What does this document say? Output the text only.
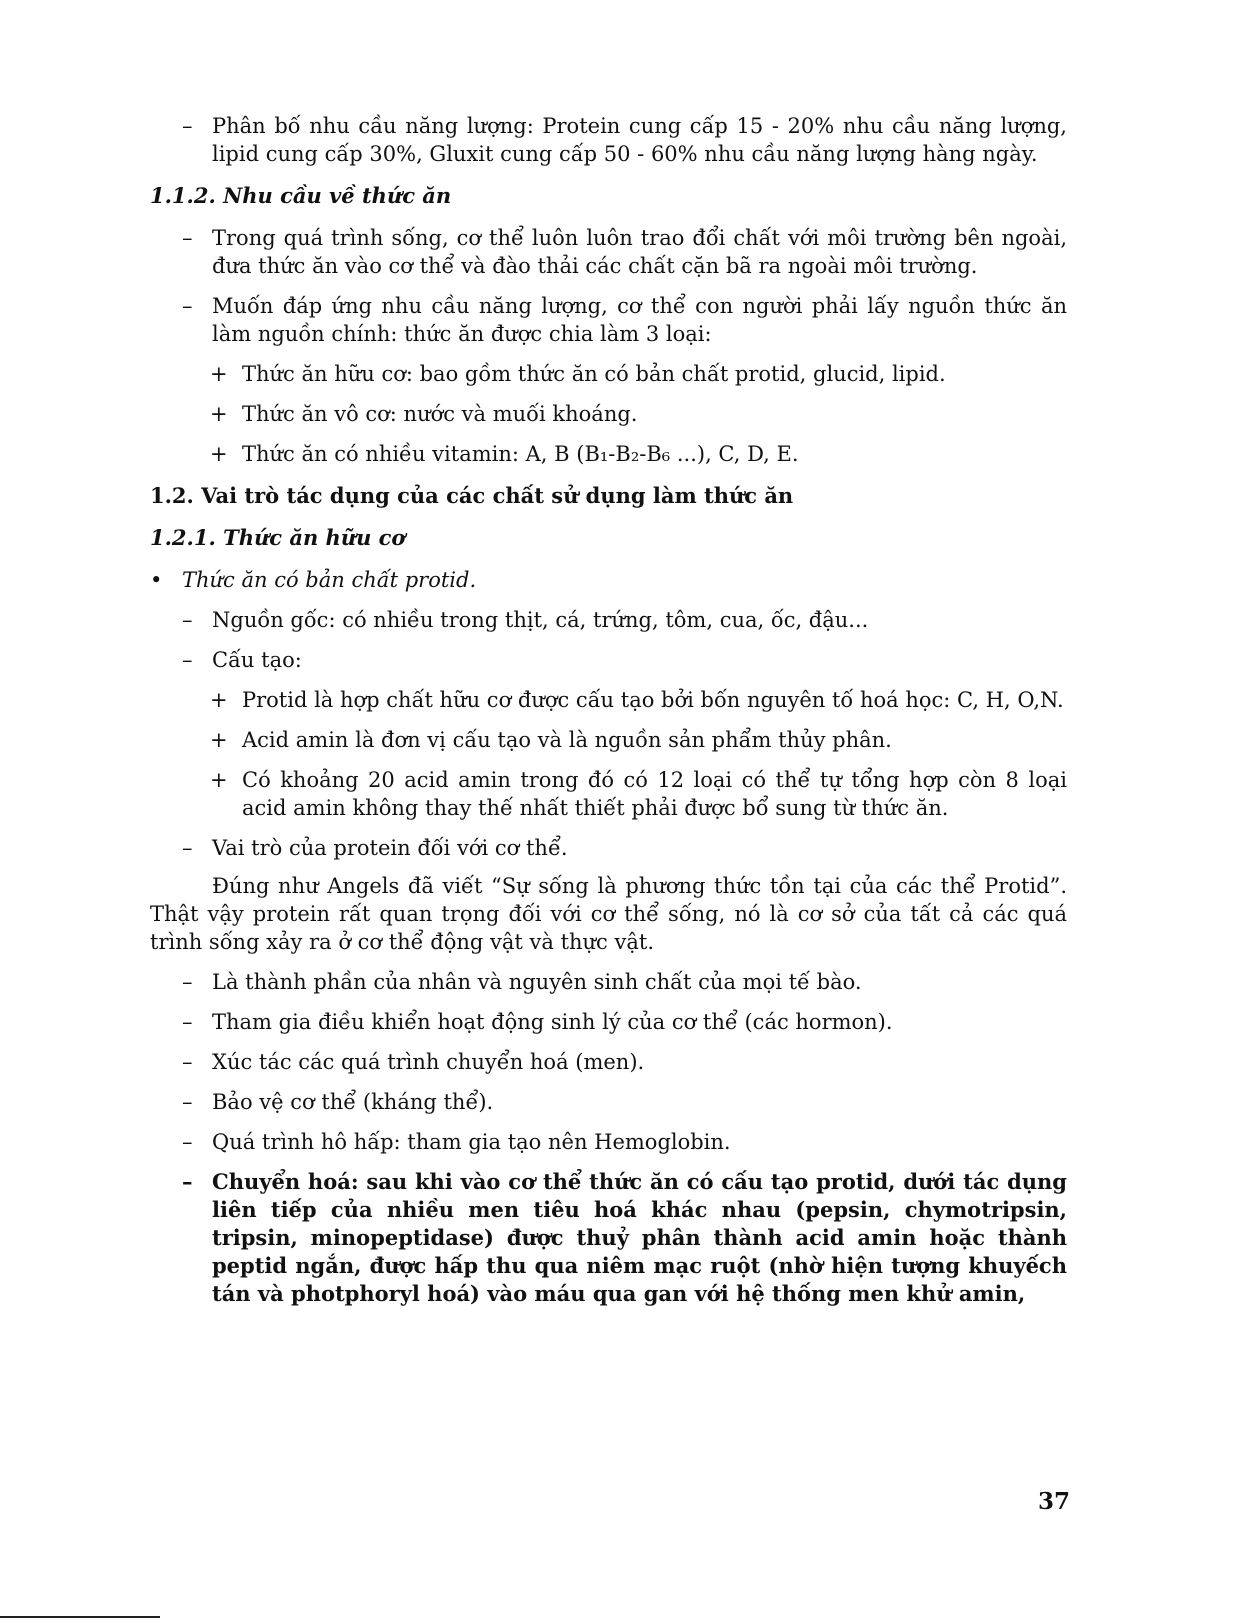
– Phân bố nhu cầu năng lượng: Protein cung cấp 15 - 20% nhu cầu năng lượng, lipid cung cấp 30%, Gluxit cung cấp 50 - 60% nhu cầu năng lượng hàng ngày.
1.1.2. Nhu cầu về thức ăn
– Trong quá trình sống, cơ thể luôn luôn trao đổi chất với môi trường bên ngoài, đưa thức ăn vào cơ thể và đào thải các chất cặn bã ra ngoài môi trường.
– Muốn đáp ứng nhu cầu năng lượng, cơ thể con người phải lấy nguồn thức ăn làm nguồn chính: thức ăn được chia làm 3 loại:
+ Thức ăn hữu cơ: bao gồm thức ăn có bản chất protid, glucid, lipid.
+ Thức ăn vô cơ: nước và muối khoáng.
+ Thức ăn có nhiều vitamin: A, B (B₁-B₂-B₆ ...), C, D, E.
1.2. Vai trò tác dụng của các chất sử dụng làm thức ăn
1.2.1. Thức ăn hữu cơ
• Thức ăn có bản chất protid.
– Nguồn gốc: có nhiều trong thịt, cá, trứng, tôm, cua, ốc, đậu...
– Cấu tạo:
+ Protid là hợp chất hữu cơ được cấu tạo bởi bốn nguyên tố hoá học: C, H, O,N.
+ Acid amin là đơn vị cấu tạo và là nguồn sản phẩm thủy phân.
+ Có khoảng 20 acid amin trong đó có 12 loại có thể tự tổng hợp còn 8 loại acid amin không thay thế nhất thiết phải được bổ sung từ thức ăn.
– Vai trò của protein đối với cơ thể.
Đúng như Angels đã viết “Sự sống là phương thức tồn tại của các thể Protid”. Thật vậy protein rất quan trọng đối với cơ thể sống, nó là cơ sở của tất cả các quá trình sống xảy ra ở cơ thể động vật và thực vật.
– Là thành phần của nhân và nguyên sinh chất của mọi tế bào.
– Tham gia điều khiển hoạt động sinh lý của cơ thể (các hormon).
– Xúc tác các quá trình chuyển hoá (men).
– Bảo vệ cơ thể (kháng thể).
– Quá trình hô hấp: tham gia tạo nên Hemoglobin.
– Chuyển hoá: sau khi vào cơ thể thức ăn có cấu tạo protid, dưới tác dụng liên tiếp của nhiều men tiêu hoá khác nhau (pepsin, chymotripsin, tripsin, minopeptidase) được thuỷ phân thành acid amin hoặc thành peptid ngắn, được hấp thu qua niêm mạc ruột (nhờ hiện tượng khuyếch tán và photphoryl hoá) vào máu qua gan với hệ thống men khử amin,
37
